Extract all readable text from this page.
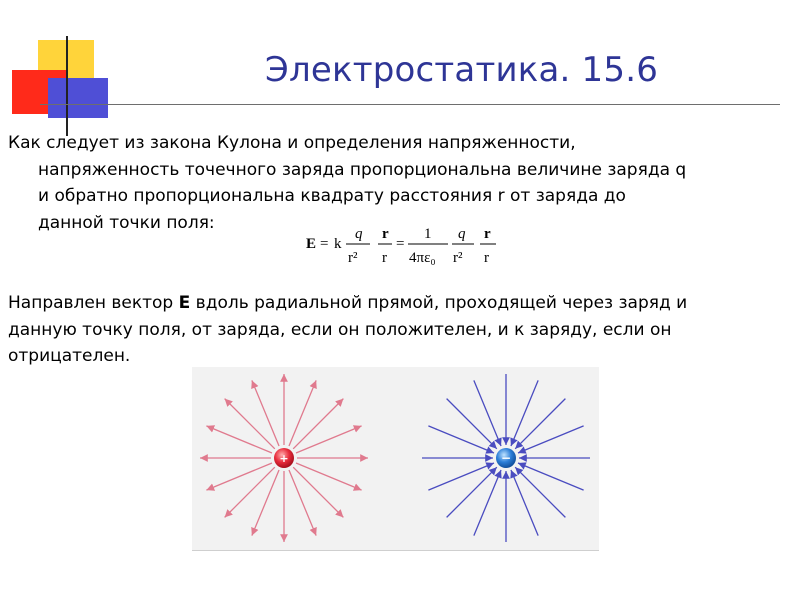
Электростатика. 15.6
Как следует из закона Кулона и определения напряженности,
напряженность точечного заряда пропорциональна величине заряда q
и обратно пропорциональна квадрату расстояния r от заряда до
данной точки поля:
E = k
q
r²
r
r
=
1
4πε₀
q
r²
r
r
Направлен вектор E вдоль радиальной прямой, проходящей через заряд и
данную точку поля, от заряда, если он положителен, и к заряду, если он
отрицателен.
+	−
